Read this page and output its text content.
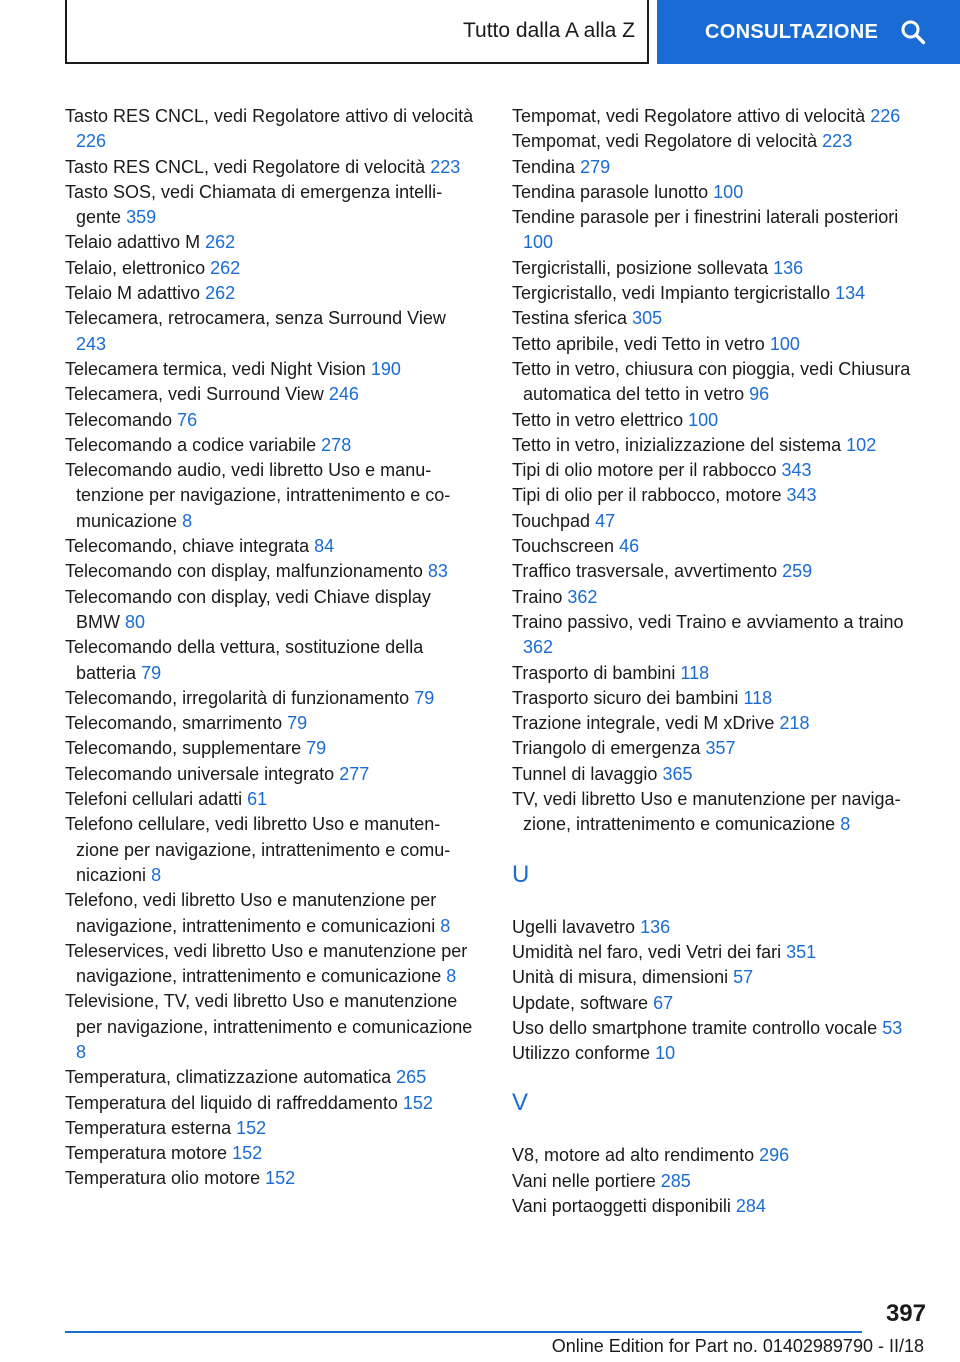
Tutto dalla A alla Z	CONSULTAZIONE
Tasto RES CNCL, vedi Regolatore attivo di velocità 226
Tasto RES CNCL, vedi Regolatore di velocità 223
Tasto SOS, vedi Chiamata di emergenza intelligente 359
Telaio adattivo M 262
Telaio, elettronico 262
Telaio M adattivo 262
Telecamera, retrocamera, senza Surround View 243
Telecamera termica, vedi Night Vision 190
Telecamera, vedi Surround View 246
Telecomando 76
Telecomando a codice variabile 278
Telecomando audio, vedi libretto Uso e manutenzione per navigazione, intrattenimento e comunicazione 8
Telecomando, chiave integrata 84
Telecomando con display, malfunzionamento 83
Telecomando con display, vedi Chiave display BMW 80
Telecomando della vettura, sostituzione della batteria 79
Telecomando, irregolarità di funzionamento 79
Telecomando, smarrimento 79
Telecomando, supplementare 79
Telecomando universale integrato 277
Telefoni cellulari adatti 61
Telefono cellulare, vedi libretto Uso e manutenzione per navigazione, intrattenimento e comunicazioni 8
Telefono, vedi libretto Uso e manutenzione per navigazione, intrattenimento e comunicazioni 8
Teleservices, vedi libretto Uso e manutenzione per navigazione, intrattenimento e comunicazione 8
Televisione, TV, vedi libretto Uso e manutenzione per navigazione, intrattenimento e comunicazione 8
Temperatura, climatizzazione automatica 265
Temperatura del liquido di raffreddamento 152
Temperatura esterna 152
Temperatura motore 152
Temperatura olio motore 152
Tempomat, vedi Regolatore attivo di velocità 226
Tempomat, vedi Regolatore di velocità 223
Tendina 279
Tendina parasole lunotto 100
Tendine parasole per i finestrini laterali posteriori 100
Tergicristalli, posizione sollevata 136
Tergicristallo, vedi Impianto tergicristallo 134
Testina sferica 305
Tetto apribile, vedi Tetto in vetro 100
Tetto in vetro, chiusura con pioggia, vedi Chiusura automatica del tetto in vetro 96
Tetto in vetro elettrico 100
Tetto in vetro, inizializzazione del sistema 102
Tipi di olio motore per il rabbocco 343
Tipi di olio per il rabbocco, motore 343
Touchpad 47
Touchscreen 46
Traffico trasversale, avvertimento 259
Traino 362
Traino passivo, vedi Traino e avviamento a traino 362
Trasporto di bambini 118
Trasporto sicuro dei bambini 118
Trazione integrale, vedi M xDrive 218
Triangolo di emergenza 357
Tunnel di lavaggio 365
TV, vedi libretto Uso e manutenzione per navigazione, intrattenimento e comunicazione 8
U
Ugelli lavavetro 136
Umidità nel faro, vedi Vetri dei fari 351
Unità di misura, dimensioni 57
Update, software 67
Uso dello smartphone tramite controllo vocale 53
Utilizzo conforme 10
V
V8, motore ad alto rendimento 296
Vani nelle portiere 285
Vani portaoggetti disponibili 284
397
Online Edition for Part no. 01402989790 - II/18
